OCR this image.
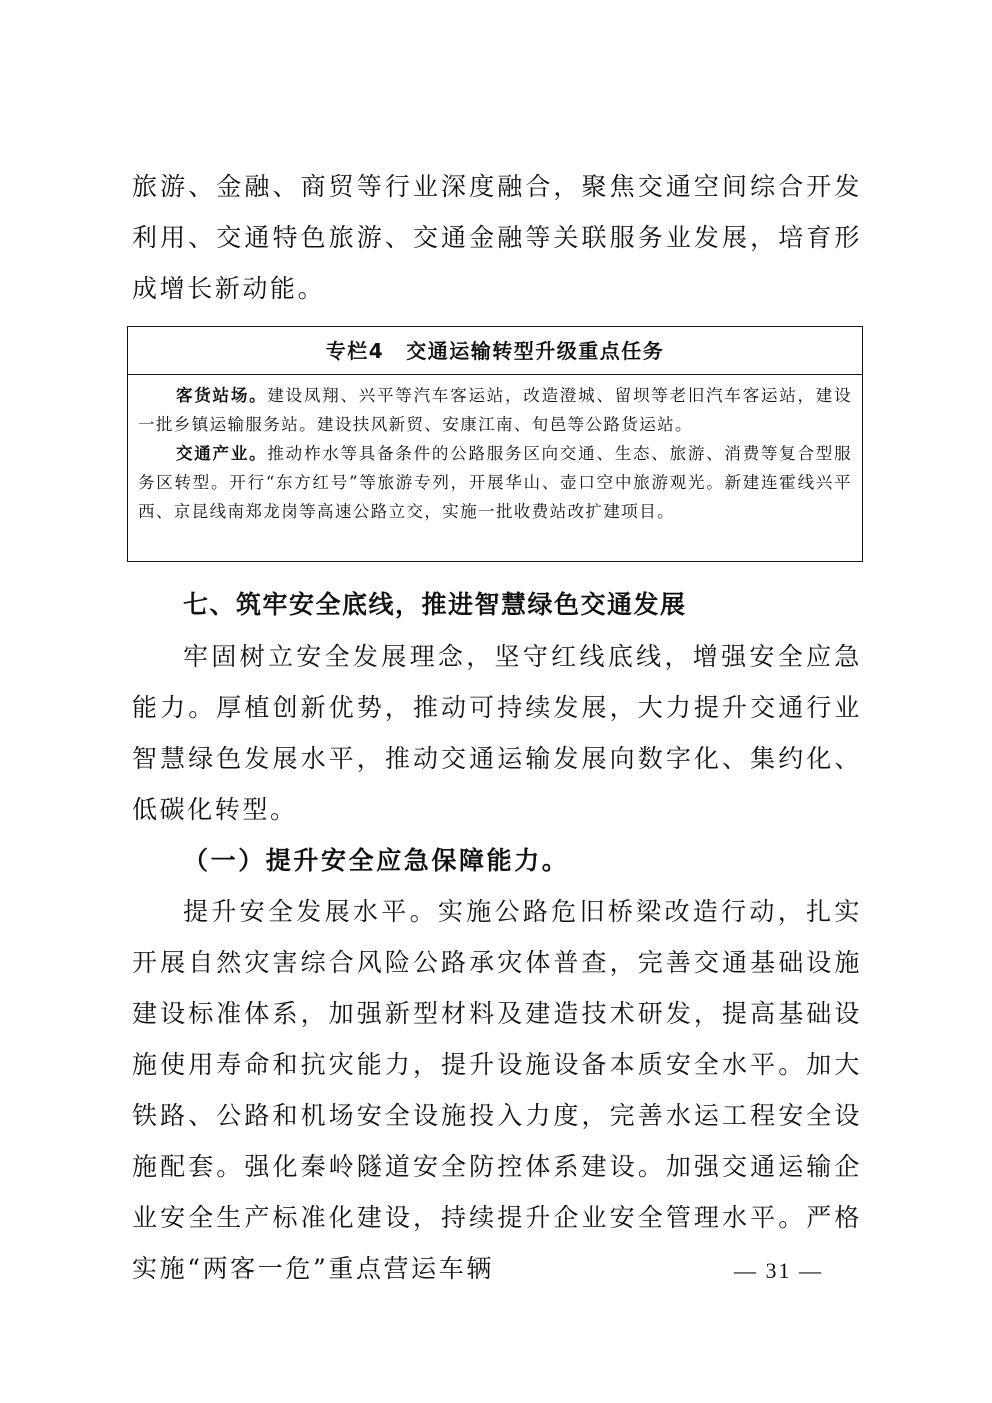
旅游、金融、商贸等行业深度融合，聚焦交通空间综合开发利用、交通特色旅游、交通金融等关联服务业发展，培育形成增长新动能。

专栏4 交通运输转型升级重点任务

客货站场。建设凤翔、兴平等汽车客运站，改造澄城、留坝等老旧汽车客运站，建设一批乡镇运输服务站。建设扶风新贸、安康江南、旬邑等公路货运站。

交通产业。推动柞水等具备条件的公路服务区向交通、生态、旅游、消费等复合型服务区转型。开行“东方红号”等旅游专列，开展华山、壶口空中旅游观光。新建连霍线兴平西、京昆线南郑龙岗等高速公路立交，实施一批收费站改扩建项目。

七、筑牢安全底线，推进智慧绿色交通发展

牢固树立安全发展理念，坚守红线底线，增强安全应急能力。厚植创新优势，推动可持续发展，大力提升交通行业智慧绿色发展水平，推动交通运输发展向数字化、集约化、低碳化转型。

（一）提升安全应急保障能力。

提升安全发展水平。实施公路危旧桥梁改造行动，扎实开展自然灾害综合风险公路承灾体普查，完善交通基础设施建设标准体系，加强新型材料及建造技术研发，提高基础设施使用寿命和抗灾能力，提升设施设备本质安全水平。加大铁路、公路和机场安全设施投入力度，完善水运工程安全设施配套。强化秦岭隧道安全防控体系建设。加强交通运输企业安全生产标准化建设，持续提升企业安全管理水平。严格实施“两客一危”重点营运车辆	— 31 —
